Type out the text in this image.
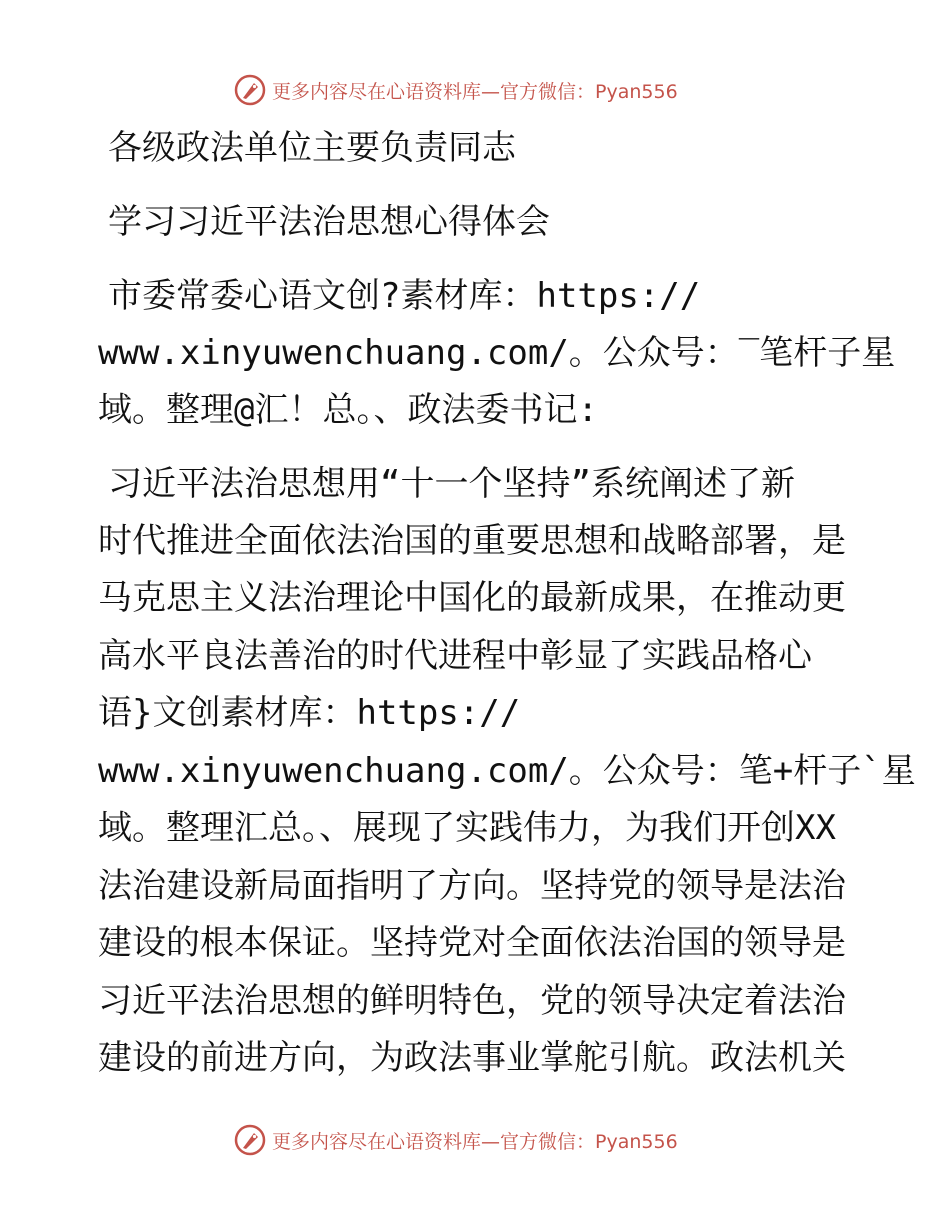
更多内容尽在心语资料库—官方微信：Pyan556
各级政法单位主要负责同志
学习习近平法治思想心得体会
市委常委心语文创?素材库：https://
www.xinyuwenchuang.com/。公众号：‾笔杆子星
域。整理@汇！总。、政法委书记:
习近平法治思想用“十一个坚持”系统阐述了新
时代推进全面依法治国的重要思想和战略部署，是
马克思主义法治理论中国化的最新成果，在推动更
高水平良法善治的时代进程中彰显了实践品格心
语}文创素材库：https://
www.xinyuwenchuang.com/。公众号：笔+杆子`星
域。整理汇总。、展现了实践伟力，为我们开创XX
法治建设新局面指明了方向。坚持党的领导是法治
建设的根本保证。坚持党对全面依法治国的领导是
习近平法治思想的鲜明特色，党的领导决定着法治
建设的前进方向，为政法事业掌舵引航。政法机关
更多内容尽在心语资料库—官方微信：Pyan556
